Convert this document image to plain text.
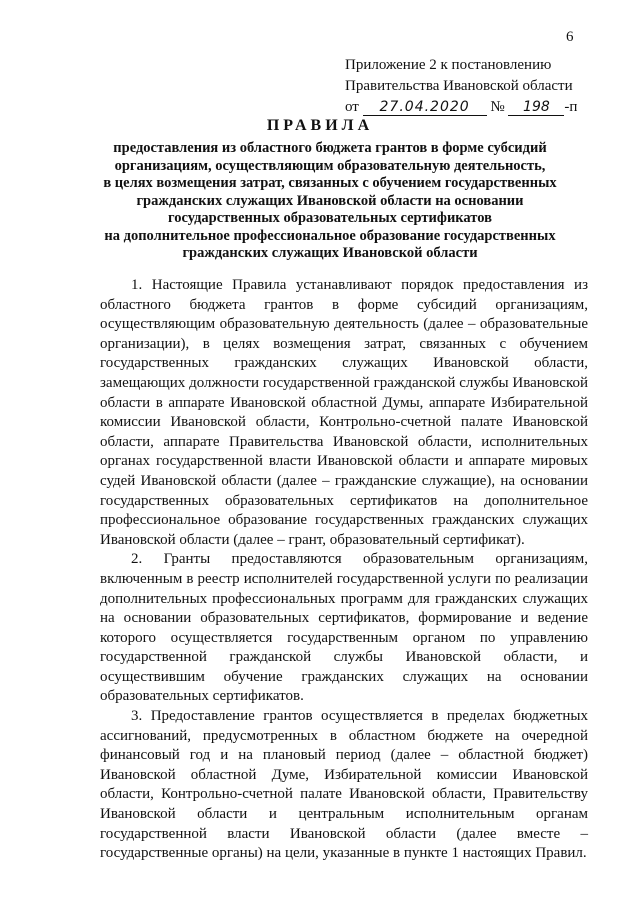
6
Приложение 2 к постановлению
Правительства Ивановской области
от 27.04.2020 № 198 -п
ПРАВИЛА
предоставления из областного бюджета грантов в форме субсидий
организациям, осуществляющим образовательную деятельность,
в целях возмещения затрат, связанных с обучением государственных
гражданских служащих Ивановской области на основании
государственных образовательных сертификатов
на дополнительное профессиональное образование государственных
гражданских служащих Ивановской области

1. Настоящие Правила устанавливают порядок предоставления из областного бюджета грантов в форме субсидий организациям, осуществляющим образовательную деятельность (далее – образовательные организации), в целях возмещения затрат, связанных с обучением государственных гражданских служащих Ивановской области, замещающих должности государственной гражданской службы Ивановской области в аппарате Ивановской областной Думы, аппарате Избирательной комиссии Ивановской области, Контрольно-счетной палате Ивановской области, аппарате Правительства Ивановской области, исполнительных органах государственной власти Ивановской области и аппарате мировых судей Ивановской области (далее – гражданские служащие), на основании государственных образовательных сертификатов на дополнительное профессиональное образование государственных гражданских служащих Ивановской области (далее – грант, образовательный сертификат).

2. Гранты предоставляются образовательным организациям, включенным в реестр исполнителей государственной услуги по реализации дополнительных профессиональных программ для гражданских служащих на основании образовательных сертификатов, формирование и ведение которого осуществляется государственным органом по управлению государственной гражданской службы Ивановской области, и осуществившим обучение гражданских служащих на основании образовательных сертификатов.

3. Предоставление грантов осуществляется в пределах бюджетных ассигнований, предусмотренных в областном бюджете на очередной финансовый год и на плановый период (далее – областной бюджет) Ивановской областной Думе, Избирательной комиссии Ивановской области, Контрольно-счетной палате Ивановской области, Правительству Ивановской области и центральным исполнительным органам государственной власти Ивановской области (далее вместе – государственные органы) на цели, указанные в пункте 1 настоящих Правил.
